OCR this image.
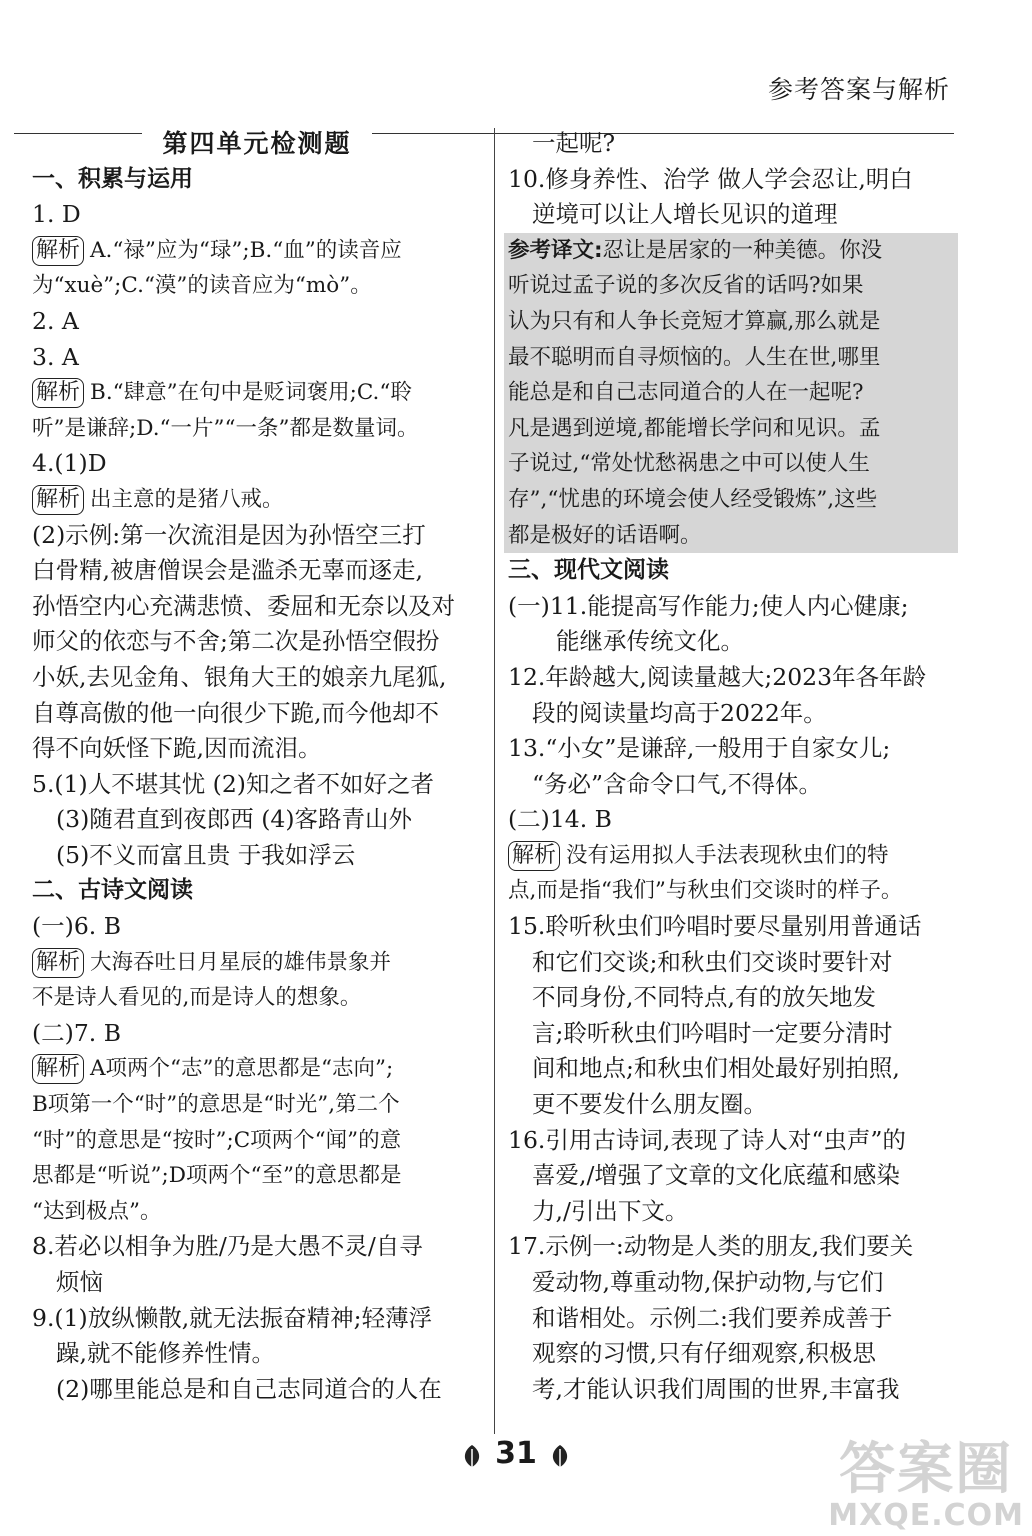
参考答案与解析
第四单元检测题
一、积累与运用
1. D
解析 A.“禄”应为“琭”;B.“血”的读音应
为“xuè”;C.“漠”的读音应为“mò”。
2. A
3. A
解析 B.“肆意”在句中是贬词褒用;C.“聆
听”是谦辞;D.“一片”“一条”都是数量词。
4.(1)D
解析 出主意的是猪八戒。
(2)示例:第一次流泪是因为孙悟空三打
白骨精,被唐僧误会是滥杀无辜而逐走,
孙悟空内心充满悲愤、委屈和无奈以及对
师父的依恋与不舍;第二次是孙悟空假扮
小妖,去见金角、银角大王的娘亲九尾狐,
自尊高傲的他一向很少下跪,而今他却不
得不向妖怪下跪,因而流泪。
5.(1)人不堪其忧 (2)知之者不如好之者
(3)随君直到夜郎西 (4)客路青山外
(5)不义而富且贵 于我如浮云
二、古诗文阅读
(一)6. B
解析 大海吞吐日月星辰的雄伟景象并
不是诗人看见的,而是诗人的想象。
(二)7. B
解析 A项两个“志”的意思都是“志向”;
B项第一个“时”的意思是“时光”,第二个
“时”的意思是“按时”;C项两个“闻”的意
思都是“听说”;D项两个“至”的意思都是
“达到极点”。
8.若必以相争为胜/乃是大愚不灵/自寻
烦恼
9.(1)放纵懒散,就无法振奋精神;轻薄浮
躁,就不能修养性情。
(2)哪里能总是和自己志同道合的人在
一起呢?
10.修身养性、治学 做人学会忍让,明白
逆境可以让人增长见识的道理
参考译文:忍让是居家的一种美德。你没
听说过孟子说的多次反省的话吗?如果
认为只有和人争长竞短才算赢,那么就是
最不聪明而自寻烦恼的。人生在世,哪里
能总是和自己志同道合的人在一起呢?
凡是遇到逆境,都能增长学问和见识。孟
子说过,“常处忧愁祸患之中可以使人生
存”,“忧患的环境会使人经受锻炼”,这些
都是极好的话语啊。
三、现代文阅读
(一)11.能提高写作能力;使人内心健康;
能继承传统文化。
12.年龄越大,阅读量越大;2023年各年龄
段的阅读量均高于2022年。
13.“小女”是谦辞,一般用于自家女儿;
“务必”含命令口气,不得体。
(二)14. B
解析 没有运用拟人手法表现秋虫们的特
点,而是指“我们”与秋虫们交谈时的样子。
15.聆听秋虫们吟唱时要尽量别用普通话
和它们交谈;和秋虫们交谈时要针对
不同身份,不同特点,有的放矢地发
言;聆听秋虫们吟唱时一定要分清时
间和地点;和秋虫们相处最好别拍照,
更不要发什么朋友圈。
16.引用古诗词,表现了诗人对“虫声”的
喜爱,/增强了文章的文化底蕴和感染
力,/引出下文。
17.示例一:动物是人类的朋友,我们要关
爱动物,尊重动物,保护动物,与它们
和谐相处。示例二:我们要养成善于
观察的习惯,只有仔细观察,积极思
考,才能认识我们周围的世界,丰富我
31	答案圈
MXQE.COM
